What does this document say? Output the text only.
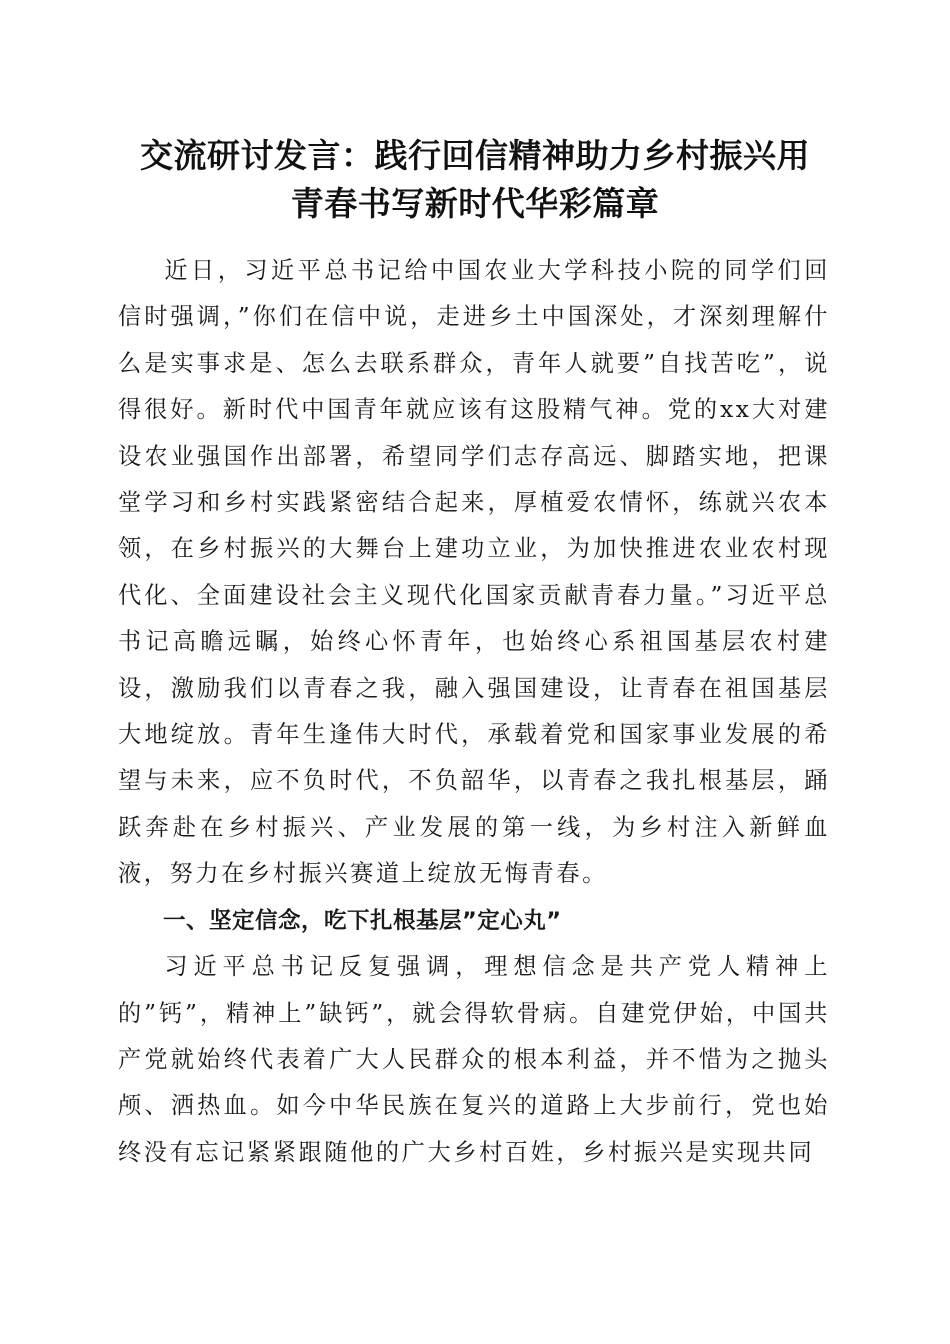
交流研讨发言：践行回信精神助力乡村振兴用
青春书写新时代华彩篇章

近日，习近平总书记给中国农业大学科技小院的同学们回信时强调，”你们在信中说，走进乡土中国深处，才深刻理解什么是实事求是、怎么去联系群众，青年人就要”自找苦吃”，说得很好。新时代中国青年就应该有这股精气神。党的xx大对建设农业强国作出部署，希望同学们志存高远、脚踏实地，把课堂学习和乡村实践紧密结合起来，厚植爱农情怀，练就兴农本领，在乡村振兴的大舞台上建功立业，为加快推进农业农村现代化、全面建设社会主义现代化国家贡献青春力量。”习近平总书记高瞻远瞩，始终心怀青年，也始终心系祖国基层农村建设，激励我们以青春之我，融入强国建设，让青春在祖国基层大地绽放。青年生逢伟大时代，承载着党和国家事业发展的希望与未来，应不负时代，不负韶华，以青春之我扎根基层，踊跃奔赴在乡村振兴、产业发展的第一线，为乡村注入新鲜血液，努力在乡村振兴赛道上绽放无悔青春。

一、坚定信念，吃下扎根基层”定心丸”

习近平总书记反复强调，理想信念是共产党人精神上的”钙”，精神上”缺钙”，就会得软骨病。自建党伊始，中国共产党就始终代表着广大人民群众的根本利益，并不惜为之抛头颅、洒热血。如今中华民族在复兴的道路上大步前行，党也始终没有忘记紧紧跟随他的广大乡村百姓，乡村振兴是实现共同
